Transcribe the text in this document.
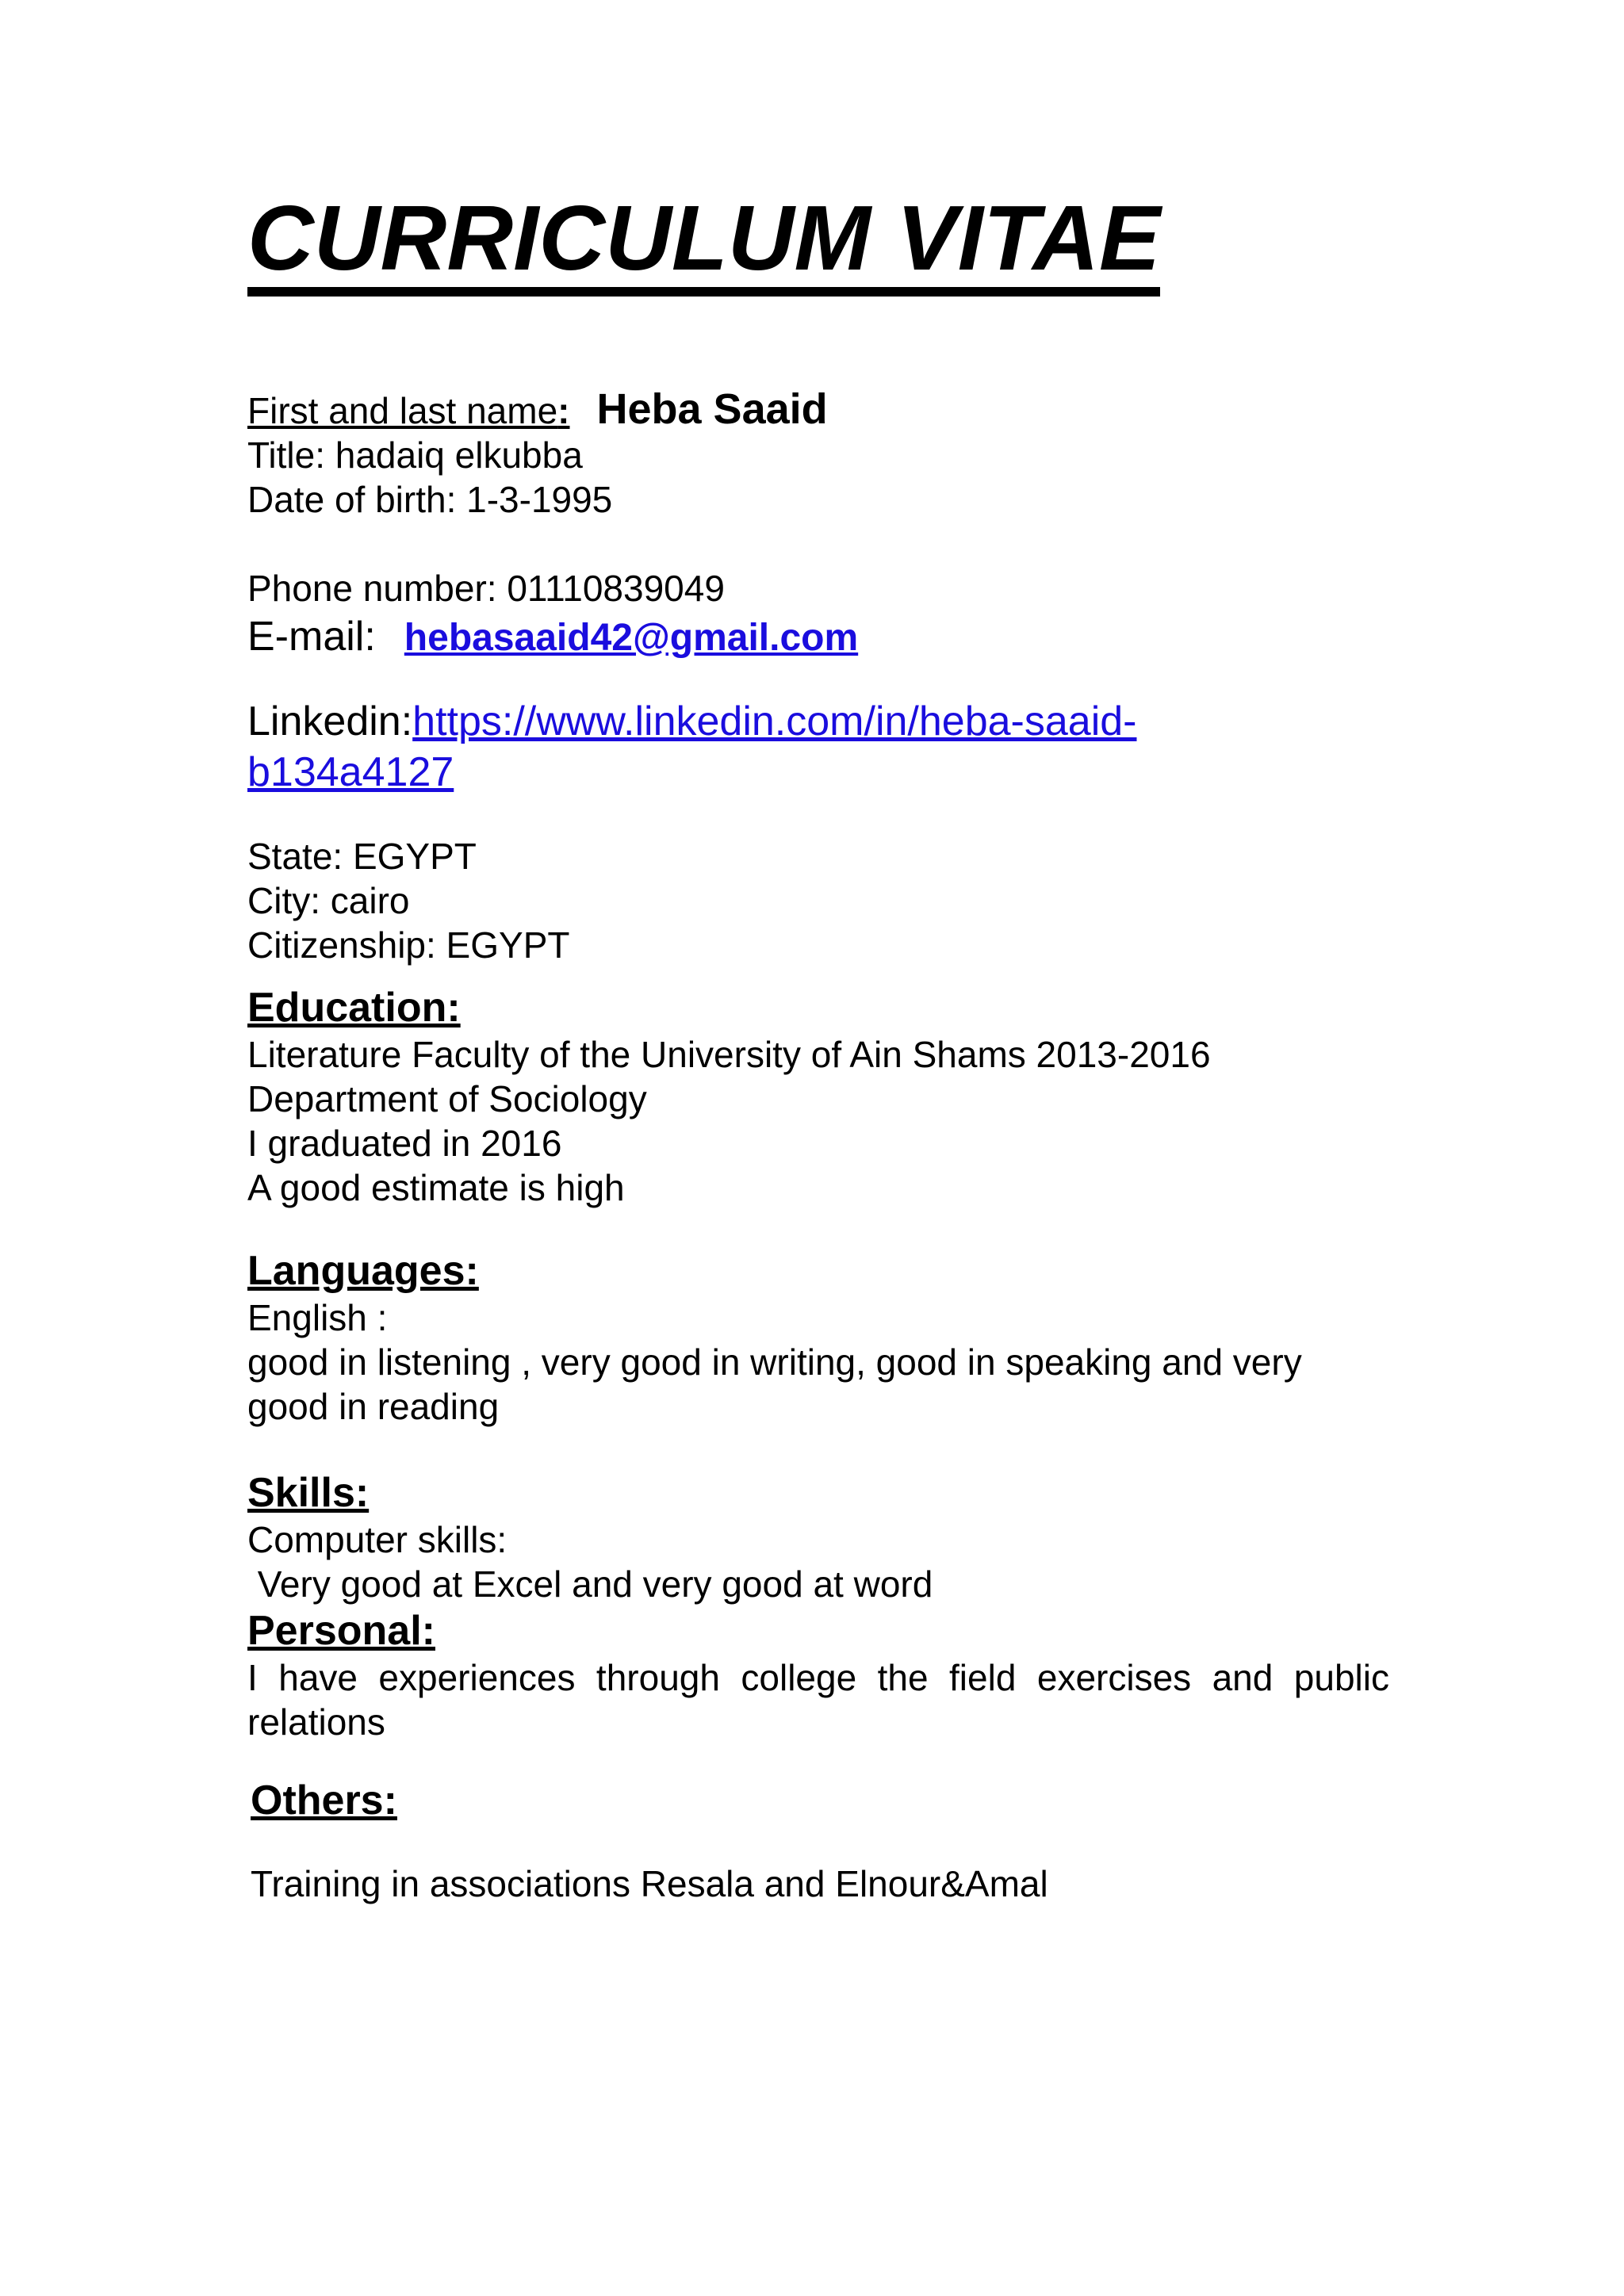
CURRICULUM VITAE
First and last name: Heba Saaid
Title: hadaiq elkubba
Date of birth: 1-3-1995
Phone number: 01110839049
E-mail: hebasaaid42@gmail.com
Linkedin:https://www.linkedin.com/in/heba-saaid-
b134a4127
State: EGYPT
City: cairo
Citizenship: EGYPT
Education:
Literature Faculty of the University of Ain Shams 2013-2016
Department of Sociology
I graduated in 2016
A good estimate is high
Languages:
English :
good in listening , very good in writing, good in speaking and very good in reading
Skills:
Computer skills:
Very good at Excel and very good at word
Personal:
I have experiences through college the field exercises and public relations
Others:
Training in associations Resala and Elnour&Amal
